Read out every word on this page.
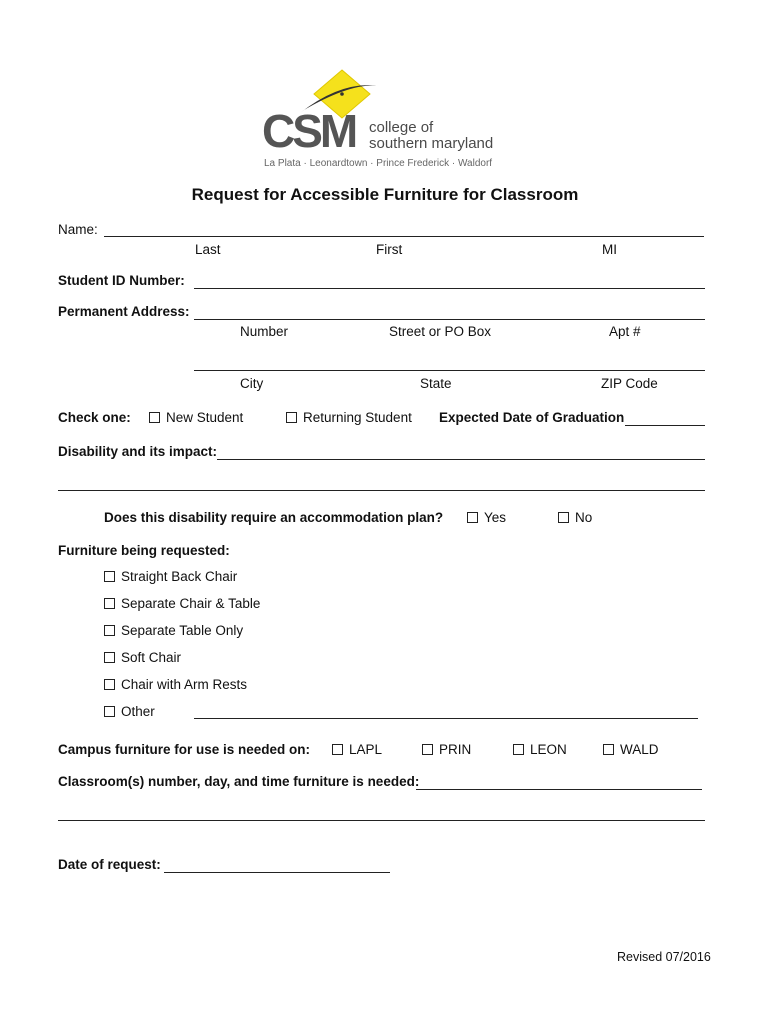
CSM college of
southern maryland
La Plata · Leonardtown · Prince Frederick · Waldorf
Request for Accessible Furniture for Classroom
Name:
Last	First	MI
Student ID Number:
Permanent Address:
Number	Street or PO Box	Apt #
City	State	ZIP Code
Check one:	New Student	Returning Student Expected Date of Graduation
Disability and its impact:
Does this disability require an accommodation plan?	Yes	No
Furniture being requested:
Straight Back Chair
Separate Chair & Table
Separate Table Only
Soft Chair
Chair with Arm Rests
Other
Campus furniture for use is needed on:	LAPL	PRIN	LEON	WALD
Classroom(s) number, day, and time furniture is needed:
Date of request:
Revised 07/2016
